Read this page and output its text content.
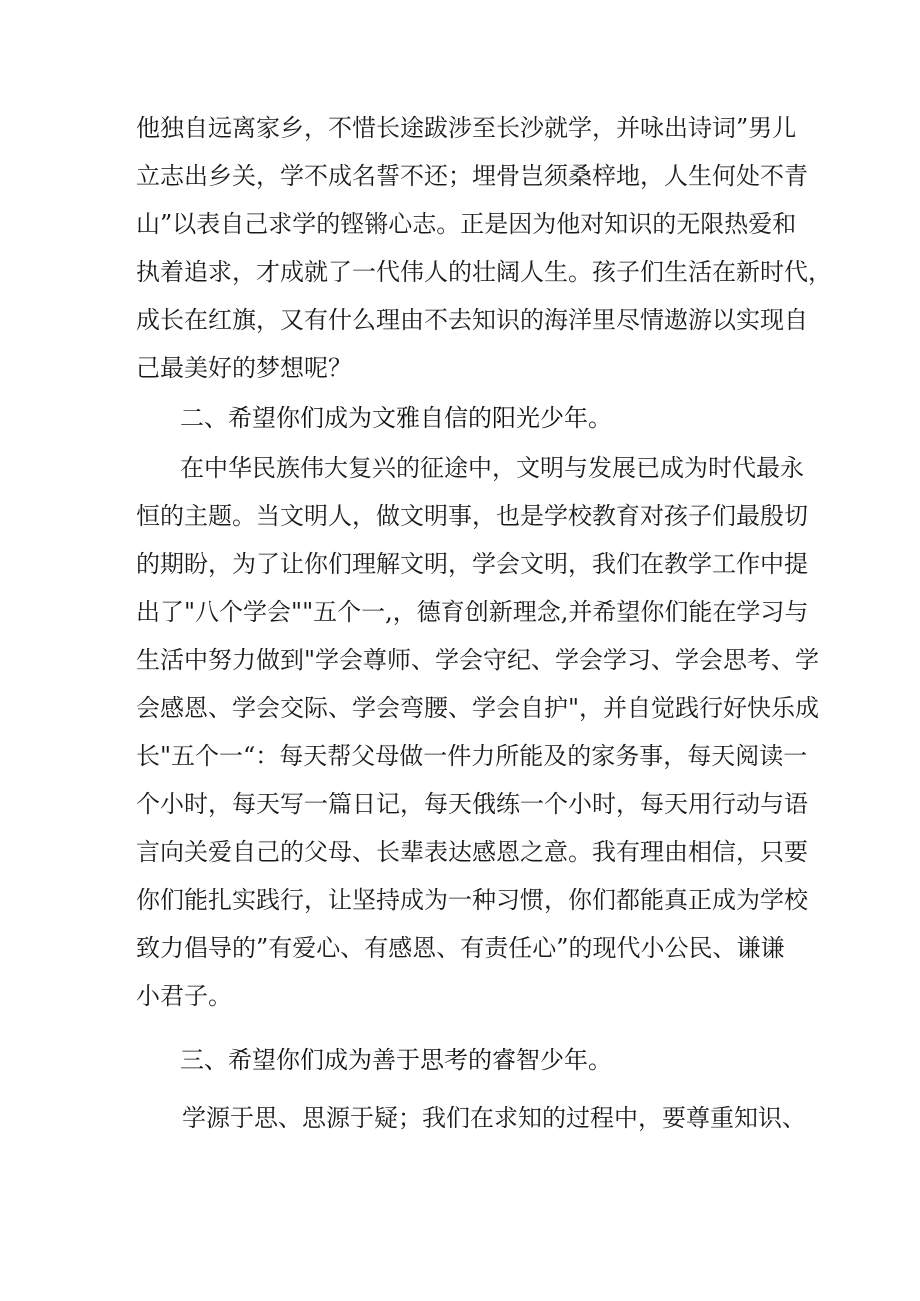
他独自远离家乡，不惜长途跋涉至长沙就学，并咏出诗词”男儿
立志出乡关，学不成名誓不还；埋骨岂须桑梓地，人生何处不青
山”以表自己求学的铿锵心志。正是因为他对知识的无限热爱和
执着追求，才成就了一代伟人的壮阔人生。孩子们生活在新时代，
成长在红旗，又有什么理由不去知识的海洋里尽情遨游以实现自
己最美好的梦想呢？
二、希望你们成为文雅自信的阳光少年。
在中华民族伟大复兴的征途中，文明与发展已成为时代最永
恒的主题。当文明人，做文明事，也是学校教育对孩子们最殷切
的期盼，为了让你们理解文明，学会文明，我们在教学工作中提
出了"八个学会""五个一,，德育创新理念,并希望你们能在学习与
生活中努力做到"学会尊师、学会守纪、学会学习、学会思考、学
会感恩、学会交际、学会弯腰、学会自护"，并自觉践行好快乐成
长"五个一“：每天帮父母做一件力所能及的家务事，每天阅读一
个小时，每天写一篇日记，每天俄练一个小时，每天用行动与语
言向关爱自己的父母、长辈表达感恩之意。我有理由相信，只要
你们能扎实践行，让坚持成为一种习惯，你们都能真正成为学校
致力倡导的”有爱心、有感恩、有责任心”的现代小公民、谦谦
小君子。
三、希望你们成为善于思考的睿智少年。
学源于思、思源于疑；我们在求知的过程中，要尊重知识、
